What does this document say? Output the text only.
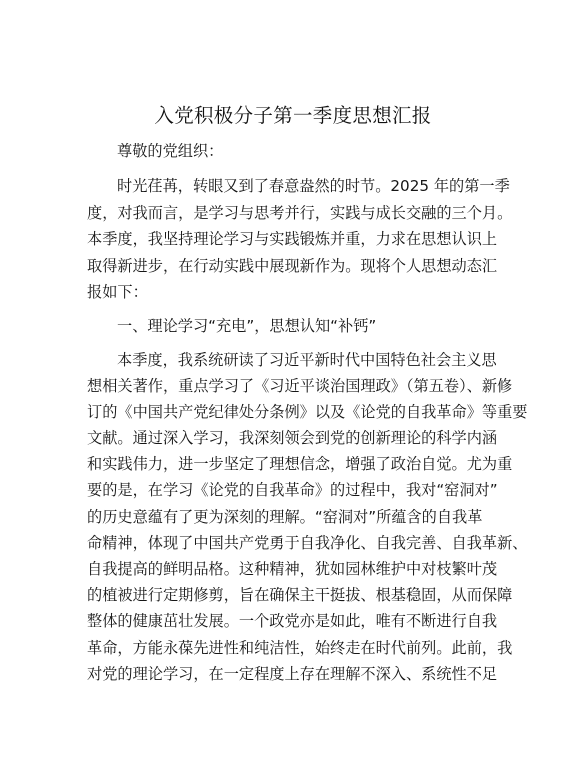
入党积极分子第一季度思想汇报
尊敬的党组织：
时光荏苒，转眼又到了春意盎然的时节。2025 年的第一季
度，对我而言，是学习与思考并行，实践与成长交融的三个月。
本季度，我坚持理论学习与实践锻炼并重，力求在思想认识上
取得新进步，在行动实践中展现新作为。现将个人思想动态汇
报如下：
一、理论学习“充电”，思想认知“补钙”
本季度，我系统研读了习近平新时代中国特色社会主义思
想相关著作，重点学习了《习近平谈治国理政》（第五卷）、新修
订的《中国共产党纪律处分条例》以及《论党的自我革命》等重要
文献。通过深入学习，我深刻领会到党的创新理论的科学内涵
和实践伟力，进一步坚定了理想信念，增强了政治自觉。尤为重
要的是，在学习《论党的自我革命》的过程中，我对“窑洞对”
的历史意蕴有了更为深刻的理解。“窑洞对”所蕴含的自我革
命精神，体现了中国共产党勇于自我净化、自我完善、自我革新、
自我提高的鲜明品格。这种精神，犹如园林维护中对枝繁叶茂
的植被进行定期修剪，旨在确保主干挺拔、根基稳固，从而保障
整体的健康茁壮发展。一个政党亦是如此，唯有不断进行自我
革命，方能永葆先进性和纯洁性，始终走在时代前列。此前，我
对党的理论学习，在一定程度上存在理解不深入、系统性不足
